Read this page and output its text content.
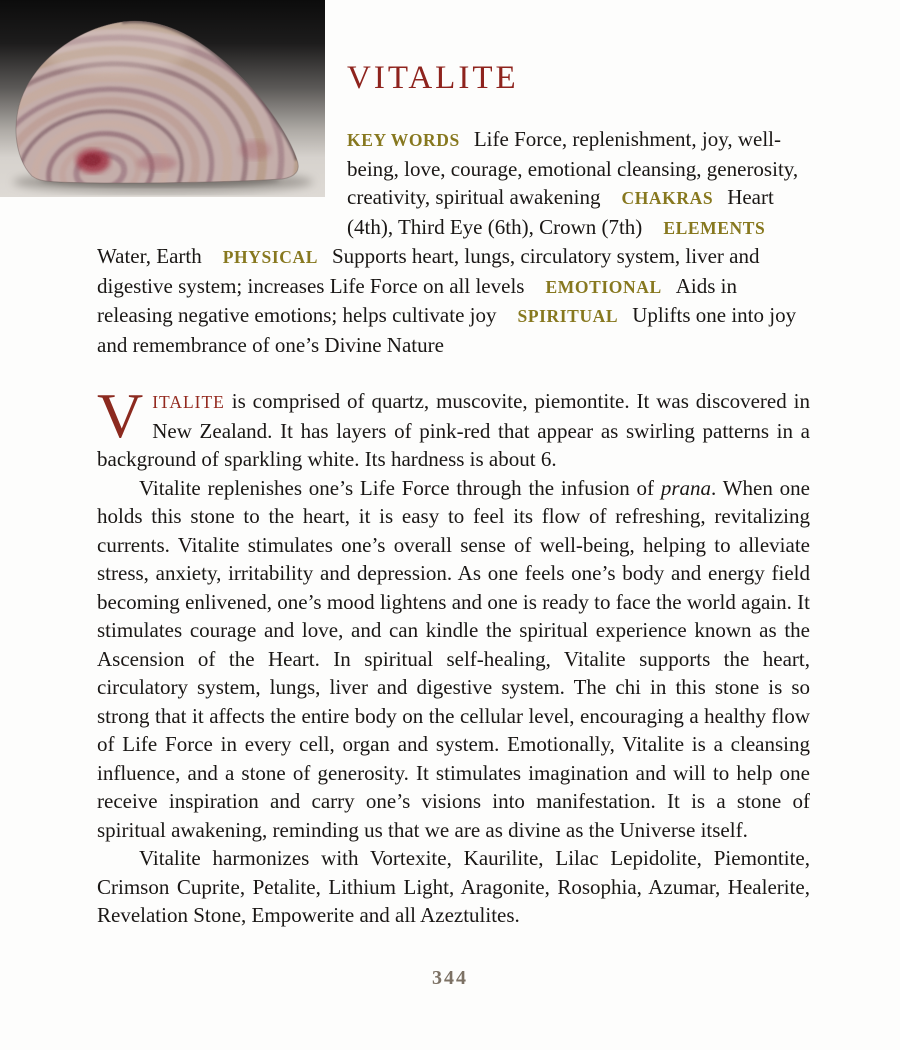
VITALITE

KEY WORDS Life Force, replenishment, joy, well-being, love, courage, emotional cleansing, generosity, creativity, spiritual awakening  CHAKRAS Heart (4th), Third Eye (6th), Crown (7th)  ELEMENTSWater, Earth  PHYSICAL Supports heart, lungs, circulatory system, liver and digestive system; increases Life Force on all levels  EMOTIONAL Aids in releasing negative emotions; helps cultivate joy  SPIRITUAL Uplifts one into joy and remembrance of one’s Divine Nature

VITALITE is comprised of quartz, muscovite, piemontite. It was discovered in New Zealand. It has layers of pink-red that appear as swirling patterns in a background of sparkling white. Its hardness is about 6.

Vitalite replenishes one’s Life Force through the infusion of prana. When one holds this stone to the heart, it is easy to feel its flow of refreshing, revitalizing currents. Vitalite stimulates one’s overall sense of well-being, helping to alleviate stress, anxiety, irritability and depression. As one feels one’s body and energy field becoming enlivened, one’s mood lightens and one is ready to face the world again. It stimulates courage and love, and can kindle the spiritual experience known as the Ascension of the Heart. In spiritual self-healing, Vitalite supports the heart, circulatory system, lungs, liver and digestive system. The chi in this stone is so strong that it affects the entire body on the cellular level, encouraging a healthy flow of Life Force in every cell, organ and system. Emotionally, Vitalite is a cleansing influence, and a stone of generosity. It stimulates imagination and will to help one receive inspiration and carry one’s visions into manifestation. It is a stone of spiritual awakening, reminding us that we are as divine as the Universe itself.

Vitalite harmonizes with Vortexite, Kaurilite, Lilac Lepidolite, Piemontite, Crimson Cuprite, Petalite, Lithium Light, Aragonite, Rosophia, Azumar, Healerite, Revelation Stone, Empowerite and all Azeztulites.

344
